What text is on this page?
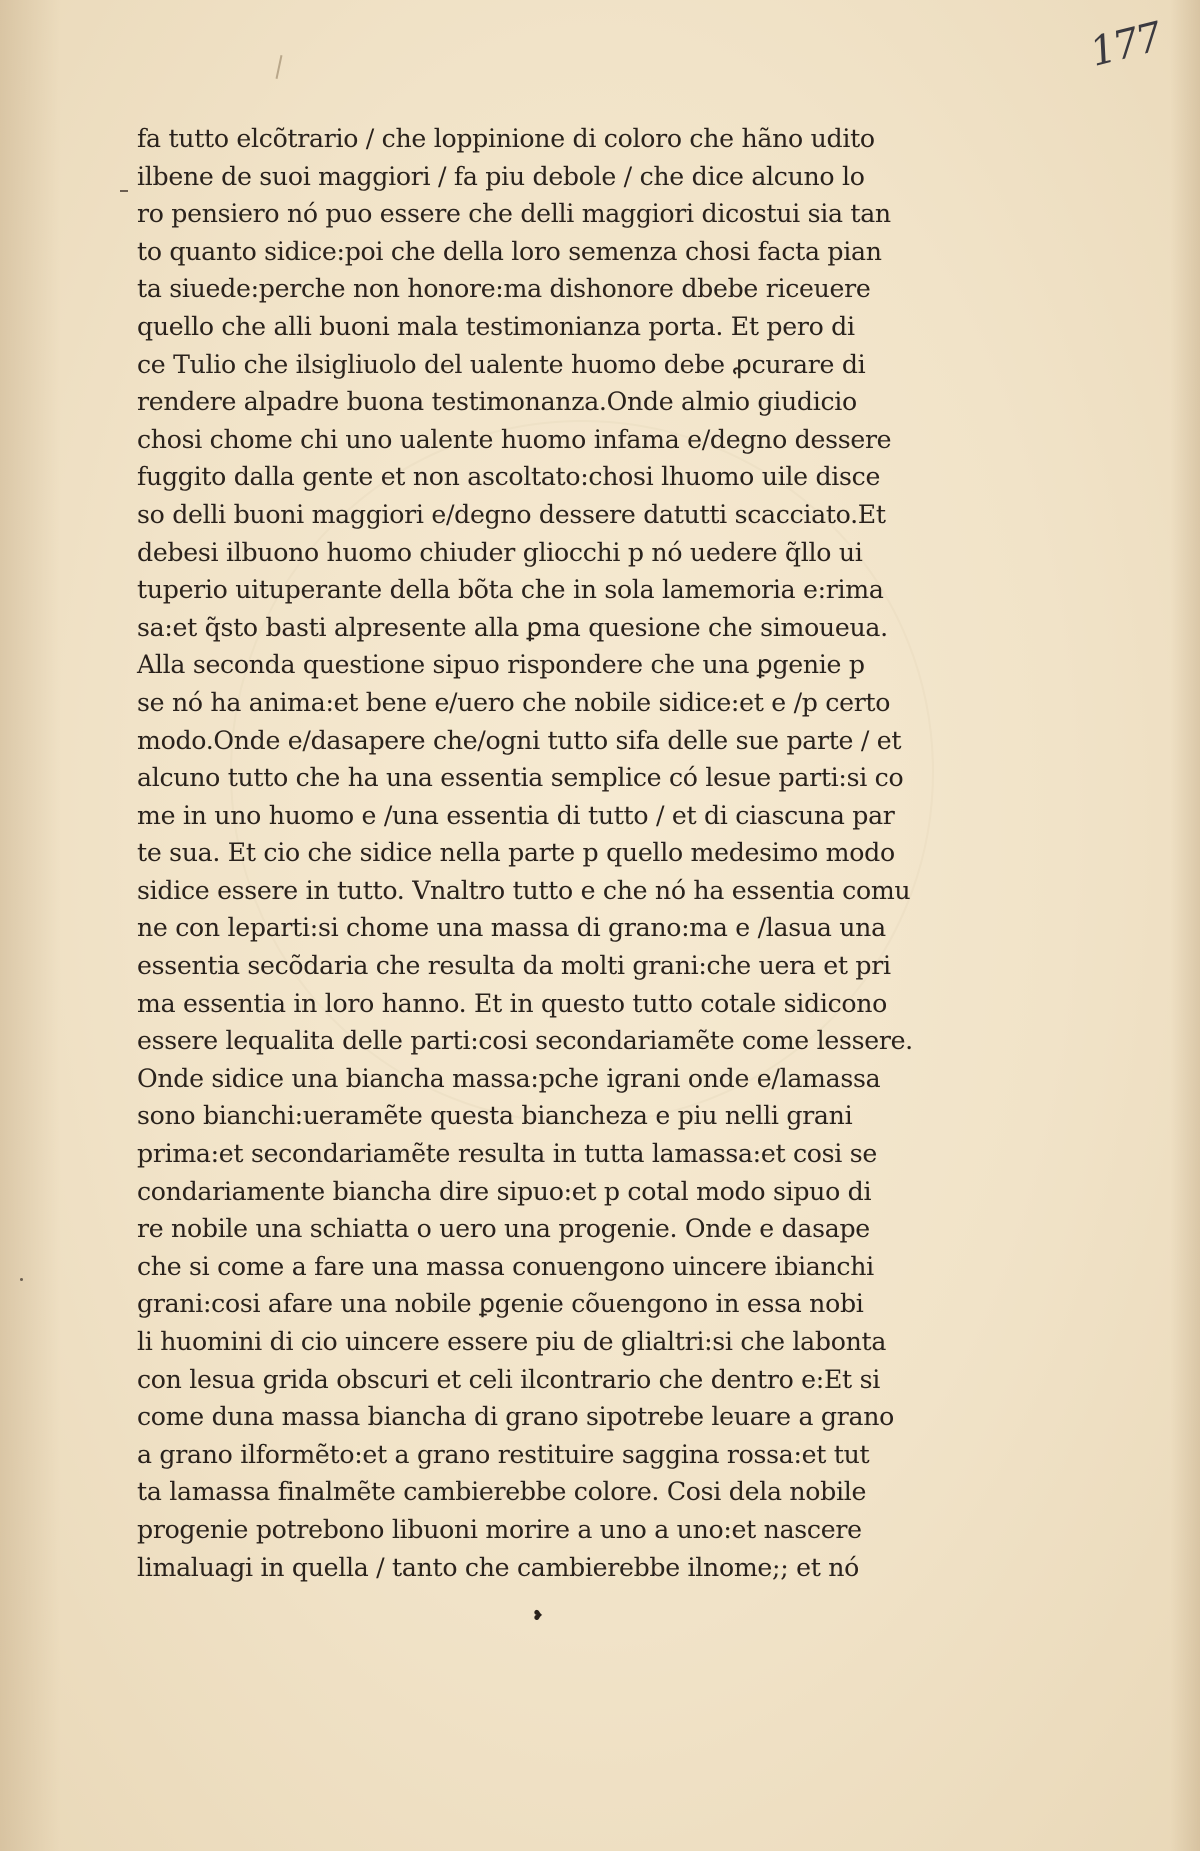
177
fa tutto elcõtrario / che loppinione di coloro che hãno udito
ilbene de suoi maggiori / fa piu debole / che dice alcuno lo
ro pensiero nó puo essere che delli maggiori dicostui sia tan
to quanto sidice:poi che della loro semenza chosi facta pian
ta siuede:perche non honore:ma dishonore dbebe riceuere
quello che alli buoni mala testimonianza porta. Et pero di
ce Tulio che ilsigliuolo del ualente huomo debe ꝓcurare di
rendere alpadre buona testimonanza.Onde almio giudicio
chosi chome chi uno ualente huomo infama e/degno dessere
fuggito dalla gente et non ascoltato:chosi lhuomo uile disce
so delli buoni maggiori e/degno dessere datutti scacciato.Et
debesi ilbuono huomo chiuder gliocchi p nó uedere q̃llo ui
tuperio uituperante della bõta che in sola lamemoria e:rima
sa:et q̃sto basti alpresente alla ꝑma quesione che simoueua.
Alla seconda questione sipuo rispondere che una ꝑgenie p
se nó ha anima:et bene e/uero che nobile sidice:et e /p certo
modo.Onde e/dasapere che/ogni tutto sifa delle sue parte / et
alcuno tutto che ha una essentia semplice có lesue parti:si co
me in uno huomo e /una essentia di tutto / et di ciascuna par
te sua. Et cio che sidice nella parte p quello medesimo modo
sidice essere in tutto. Vnaltro tutto e che nó ha essentia comu
ne con leparti:si chome una massa di grano:ma e /lasua una
essentia secõdaria che resulta da molti grani:che uera et pri
ma essentia in loro hanno. Et in questo tutto cotale sidicono
essere lequalita delle parti:cosi secondariamẽte come lessere.
Onde sidice una biancha massa:pche igrani onde e/lamassa
sono bianchi:ueramẽte questa biancheza e piu nelli grani
prima:et secondariamẽte resulta in tutta lamassa:et cosi se
condariamente biancha dire sipuo:et p cotal modo sipuo di
re nobile una schiatta o uero una progenie. Onde e dasape
che si come a fare una massa conuengono uincere ibianchi
grani:cosi afare una nobile ꝑgenie cõuengono in essa nobi
li huomini di cio uincere essere piu de glialtri:si che labonta
con lesua grida obscuri et celi ilcontrario che dentro e:Et si
come duna massa biancha di grano sipotrebe leuare a grano
a grano ilformẽto:et a grano restituire saggina rossa:et tut
ta lamassa finalmẽte cambierebbe colore. Cosi dela nobile
progenie potrebono libuoni morire a uno a uno:et nascere
limaluagi in quella / tanto che cambierebbe ilnome;; et nó
❥
